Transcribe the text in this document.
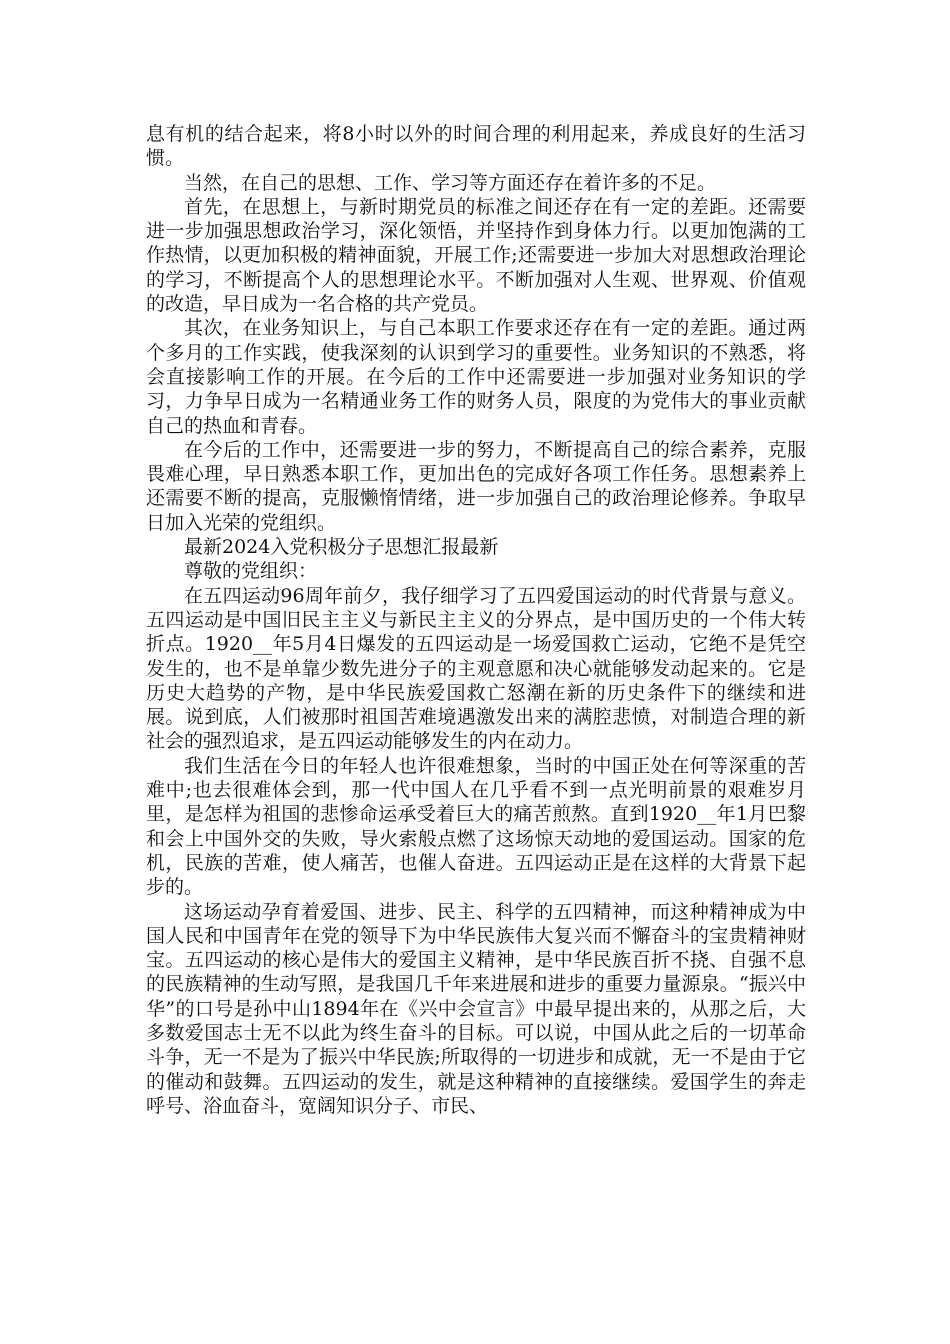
息有机的结合起来，将8小时以外的时间合理的利用起来，养成良好的生活习惯。

当然，在自己的思想、工作、学习等方面还存在着许多的不足。

首先，在思想上，与新时期党员的标准之间还存在有一定的差距。还需要进一步加强思想政治学习，深化领悟，并坚持作到身体力行。以更加饱满的工作热情，以更加积极的精神面貌，开展工作;还需要进一步加大对思想政治理论的学习，不断提高个人的思想理论水平。不断加强对人生观、世界观、价值观的改造，早日成为一名合格的共产党员。

其次，在业务知识上，与自己本职工作要求还存在有一定的差距。通过两个多月的工作实践，使我深刻的认识到学习的重要性。业务知识的不熟悉，将会直接影响工作的开展。在今后的工作中还需要进一步加强对业务知识的学习，力争早日成为一名精通业务工作的财务人员，限度的为党伟大的事业贡献自己的热血和青春。

在今后的工作中，还需要进一步的努力，不断提高自己的综合素养，克服畏难心理，早日熟悉本职工作，更加出色的完成好各项工作任务。思想素养上还需要不断的提高，克服懒惰情绪，进一步加强自己的政治理论修养。争取早日加入光荣的党组织。

最新2024入党积极分子思想汇报最新

尊敬的党组织：

在五四运动96周年前夕，我仔细学习了五四爱国运动的时代背景与意义。五四运动是中国旧民主主义与新民主主义的分界点，是中国历史的一个伟大转折点。1920__年5月4日爆发的五四运动是一场爱国救亡运动，它绝不是凭空发生的，也不是单靠少数先进分子的主观意愿和决心就能够发动起来的。它是历史大趋势的产物，是中华民族爱国救亡怒潮在新的历史条件下的继续和进展。说到底，人们被那时祖国苦难境遇激发出来的满腔悲愤，对制造合理的新社会的强烈追求，是五四运动能够发生的内在动力。

我们生活在今日的年轻人也许很难想象，当时的中国正处在何等深重的苦难中;也去很难体会到，那一代中国人在几乎看不到一点光明前景的艰难岁月里，是怎样为祖国的悲惨命运承受着巨大的痛苦煎熬。直到1920__年1月巴黎和会上中国外交的失败，导火索般点燃了这场惊天动地的爱国运动。国家的危机，民族的苦难，使人痛苦，也催人奋进。五四运动正是在这样的大背景下起步的。

这场运动孕育着爱国、进步、民主、科学的五四精神，而这种精神成为中国人民和中国青年在党的领导下为中华民族伟大复兴而不懈奋斗的宝贵精神财宝。五四运动的核心是伟大的爱国主义精神，是中华民族百折不挠、自强不息的民族精神的生动写照，是我国几千年来进展和进步的重要力量源泉。“振兴中华”的口号是孙中山1894年在《兴中会宣言》中最早提出来的，从那之后，大多数爱国志士无不以此为终生奋斗的目标。可以说，中国从此之后的一切革命斗争，无一不是为了振兴中华民族;所取得的一切进步和成就，无一不是由于它的催动和鼓舞。五四运动的发生，就是这种精神的直接继续。爱国学生的奔走呼号、浴血奋斗，宽阔知识分子、市民、
